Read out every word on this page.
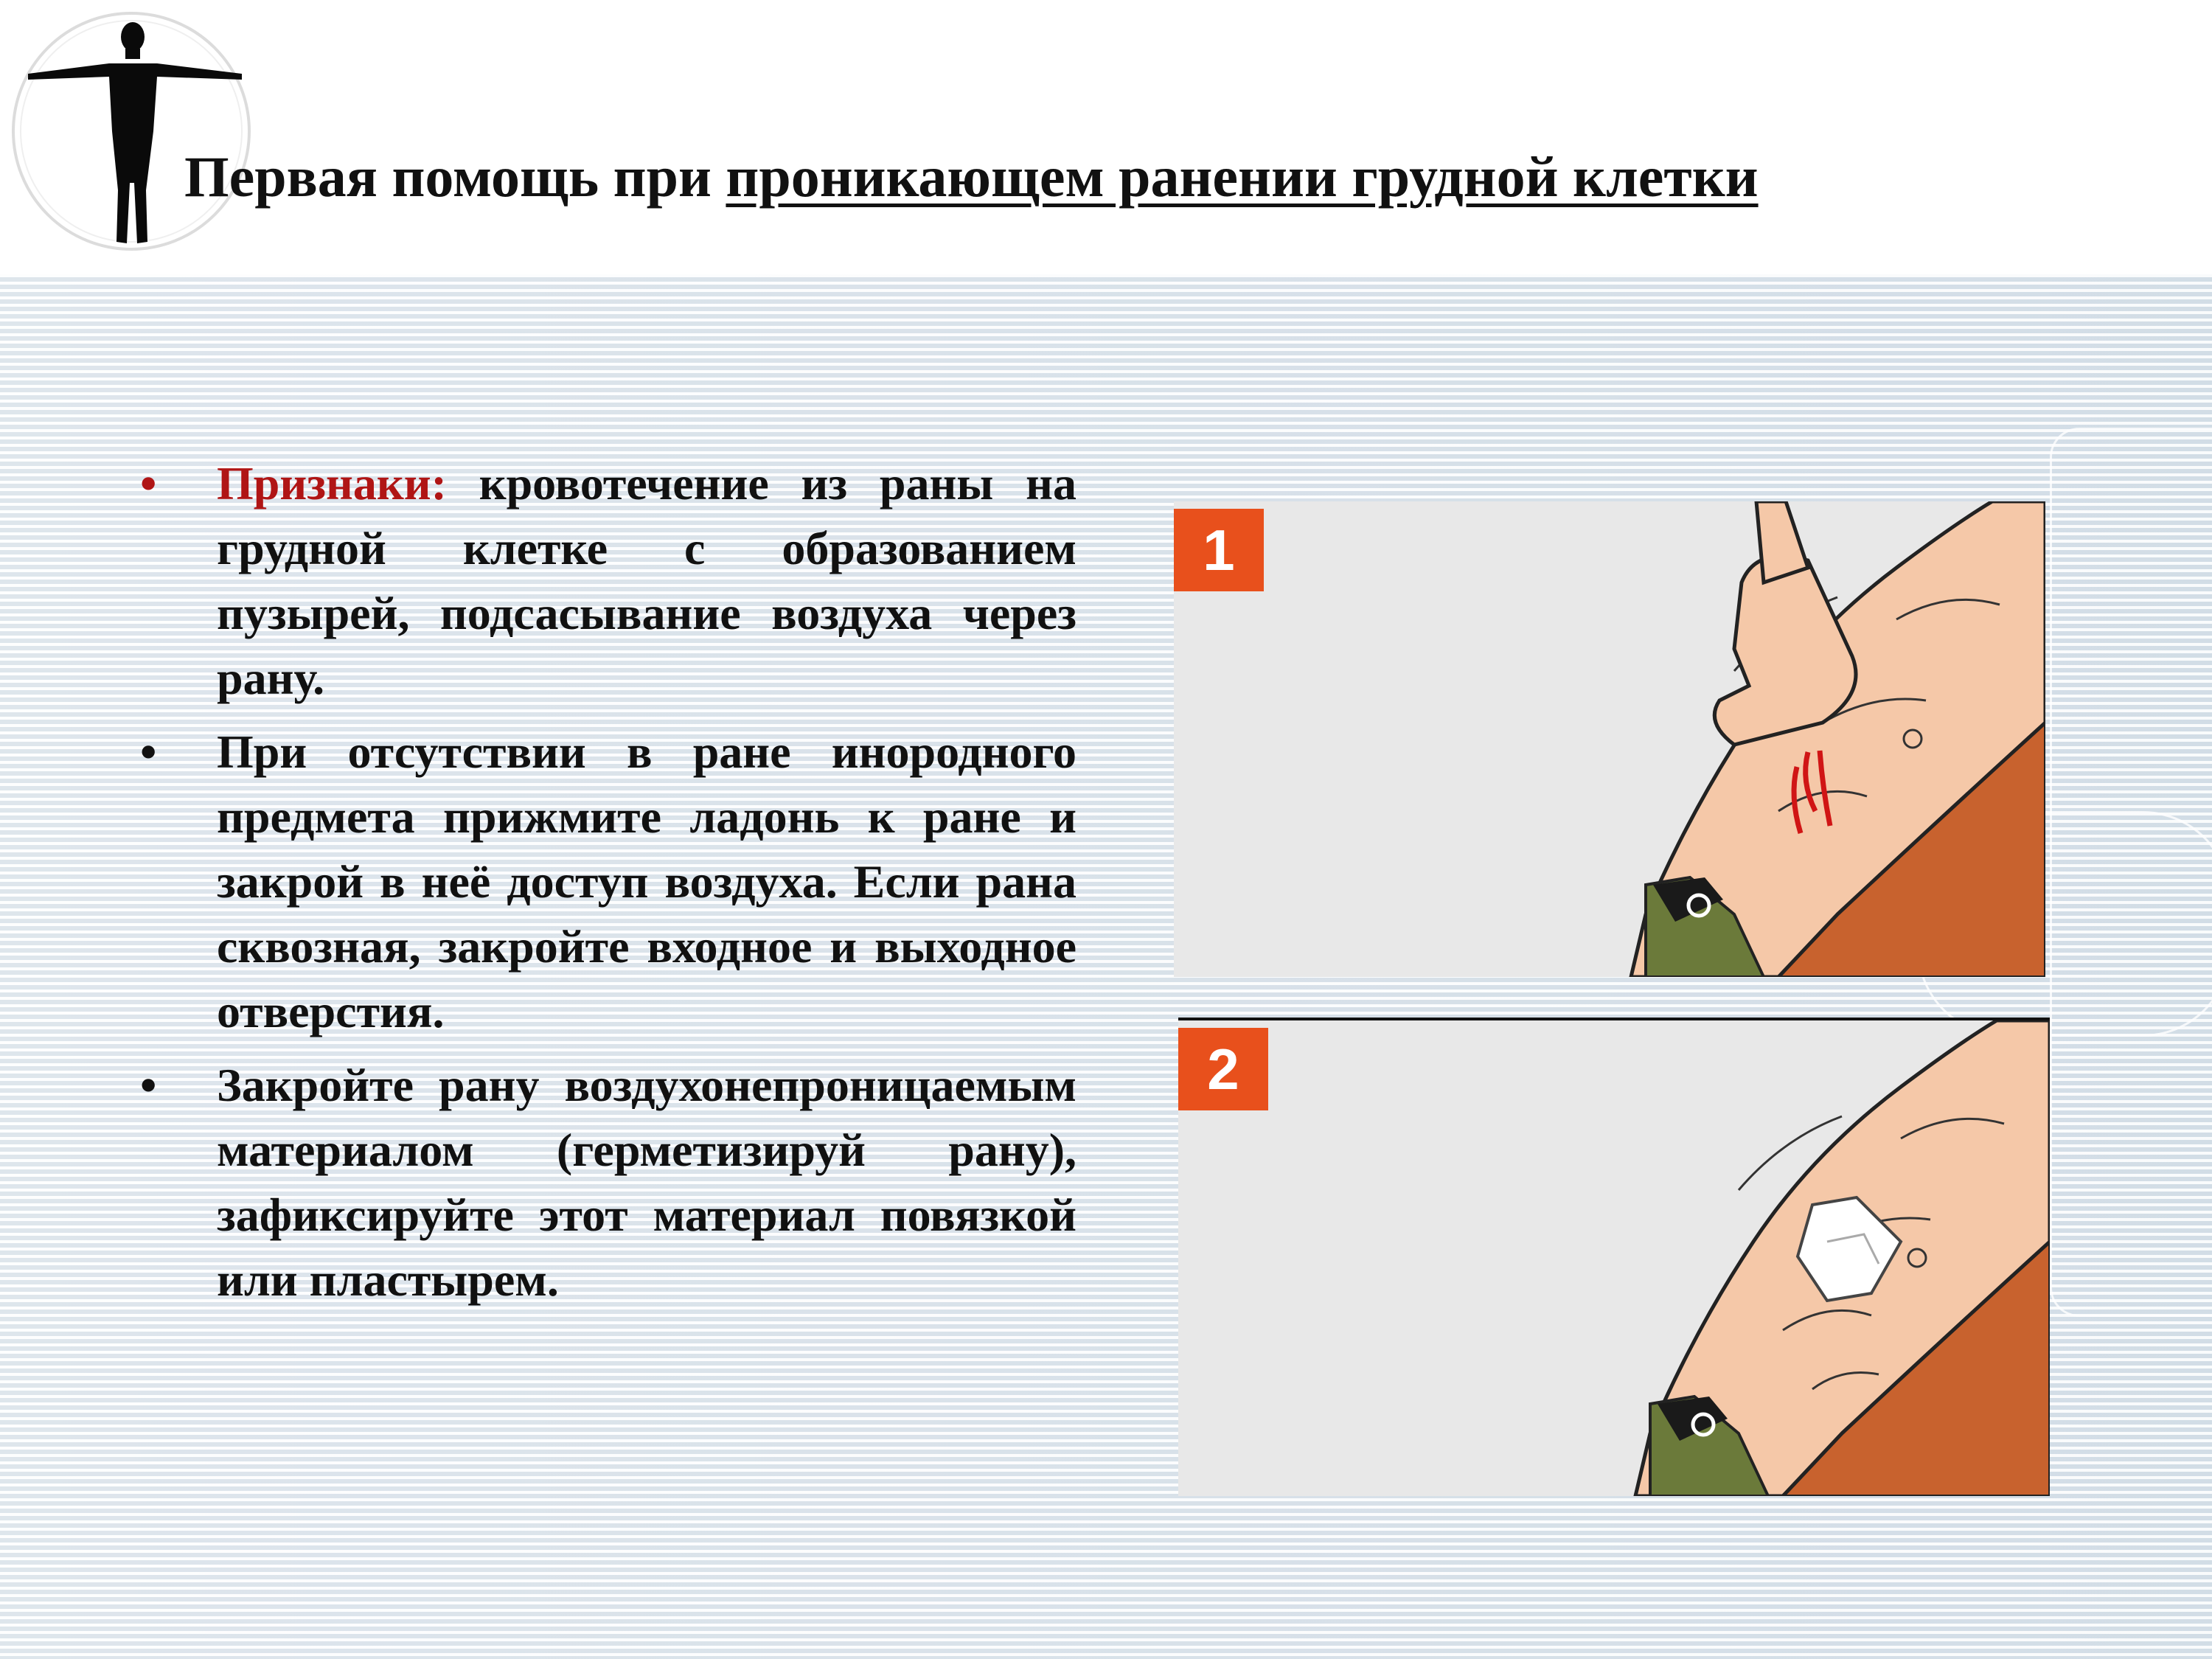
Первая помощь при проникающем ранении грудной клетки
• Признаки: кровотечение из раны на грудной клетке с образованием пузырей, подсасывание воздуха через рану.
• При отсутствии в ране инородного предмета прижмите ладонь к ране и закрой в неё доступ воздуха. Если рана сквозная, закройте входное и выходное отверстия.
• Закройте рану воздухонепроницаемым материалом (герметизируй рану), зафиксируйте этот материал повязкой или пластырем.
1
2
